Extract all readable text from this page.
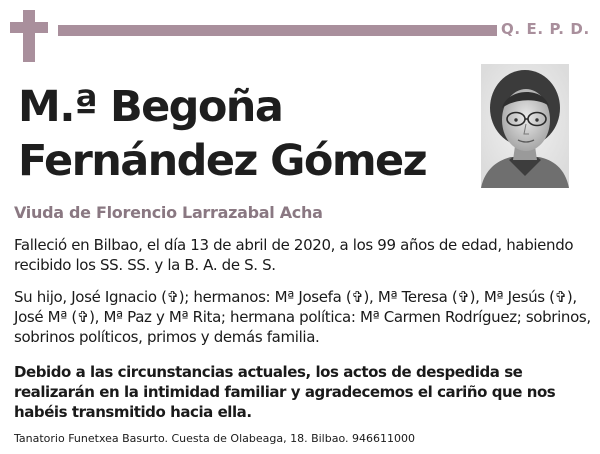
Q. E. P. D.
M.ª Begoña
Fernández Gómez
Viuda de Florencio Larrazabal Acha

Falleció en Bilbao, el día 13 de abril de 2020, a los 99 años de edad, habiendo recibido los SS. SS. y la B. A. de S. S.

Su hijo, José Ignacio (✞); hermanos: Mª Josefa (✞), Mª Teresa (✞), Mª Jesús (✞), José Mª (✞), Mª Paz y Mª Rita; hermana política: Mª Carmen Rodríguez; sobrinos, sobrinos políticos, primos y demás familia.

Debido a las circunstancias actuales, los actos de despedida se realizarán en la intimidad familiar y agradecemos el cariño que nos habéis transmitido hacia ella.

Tanatorio Funetxea Basurto. Cuesta de Olabeaga, 18. Bilbao. 946611000
